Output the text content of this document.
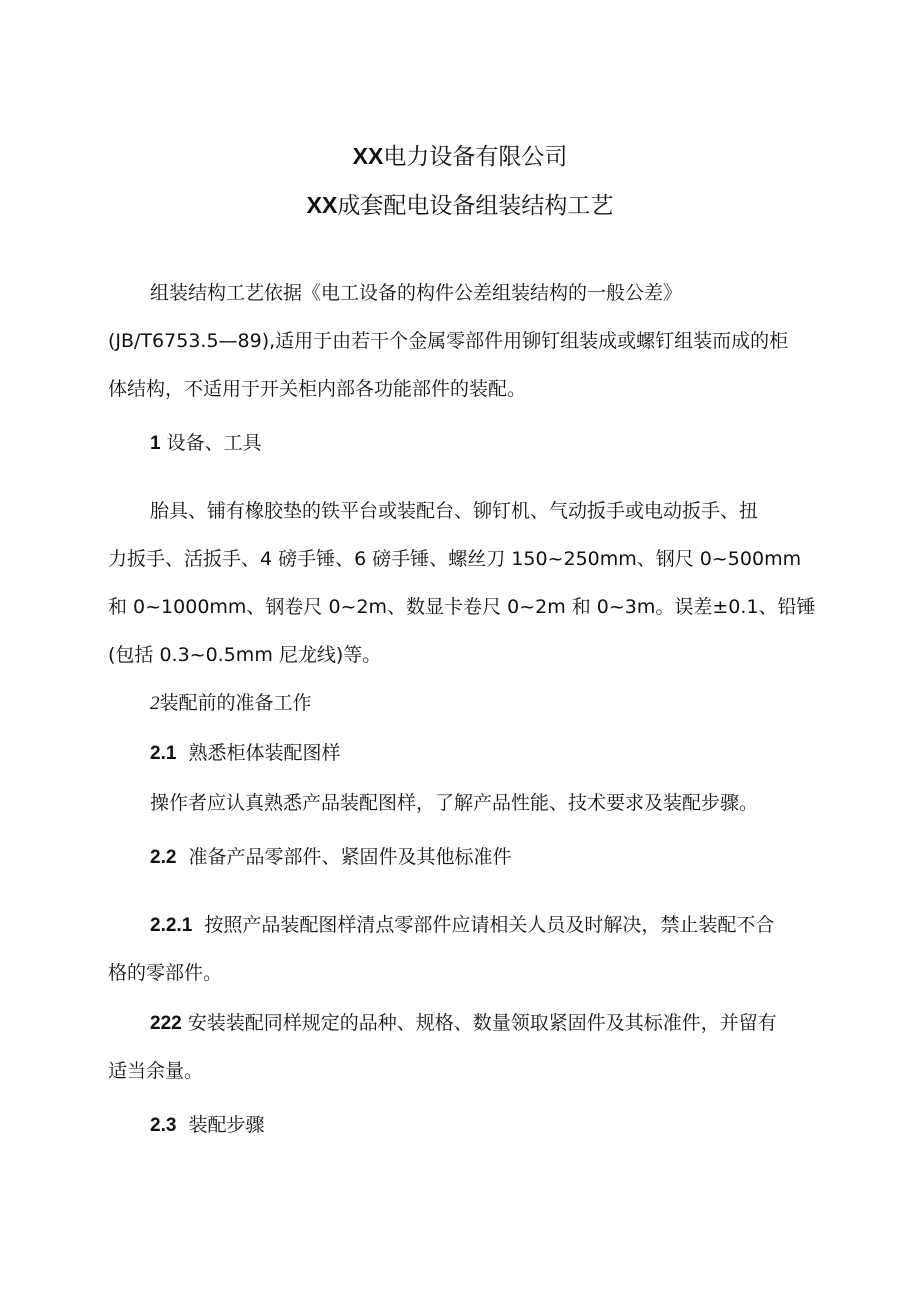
XX电力设备有限公司
XX成套配电设备组装结构工艺
组装结构工艺依据《电工设备的构件公差组装结构的一般公差》
(JB/T6753.5—89),适用于由若干个金属零部件用铆钉组装成或螺钉组装而成的柜
体结构，不适用于开关柜内部各功能部件的装配。
1 设备、工具
胎具、铺有橡胶垫的铁平台或装配台、铆钉机、气动扳手或电动扳手、扭
力扳手、活扳手、4 磅手锤、6 磅手锤、螺丝刀 150~250mm、钢尺 0~500mm
和 0~1000mm、钢卷尺 0~2m、数显卡卷尺 0~2m 和 0~3m。误差±0.1、铅锤
(包括 0.3~0.5mm 尼龙线)等。
2装配前的准备工作
2.1 熟悉柜体装配图样
操作者应认真熟悉产品装配图样，了解产品性能、技术要求及装配步骤。
2.2 准备产品零部件、紧固件及其他标准件
2.2.1 按照产品装配图样清点零部件应请相关人员及时解决，禁止装配不合
格的零部件。
222 安装装配同样规定的品种、规格、数量领取紧固件及其标准件，并留有
适当余量。
2.3 装配步骤
